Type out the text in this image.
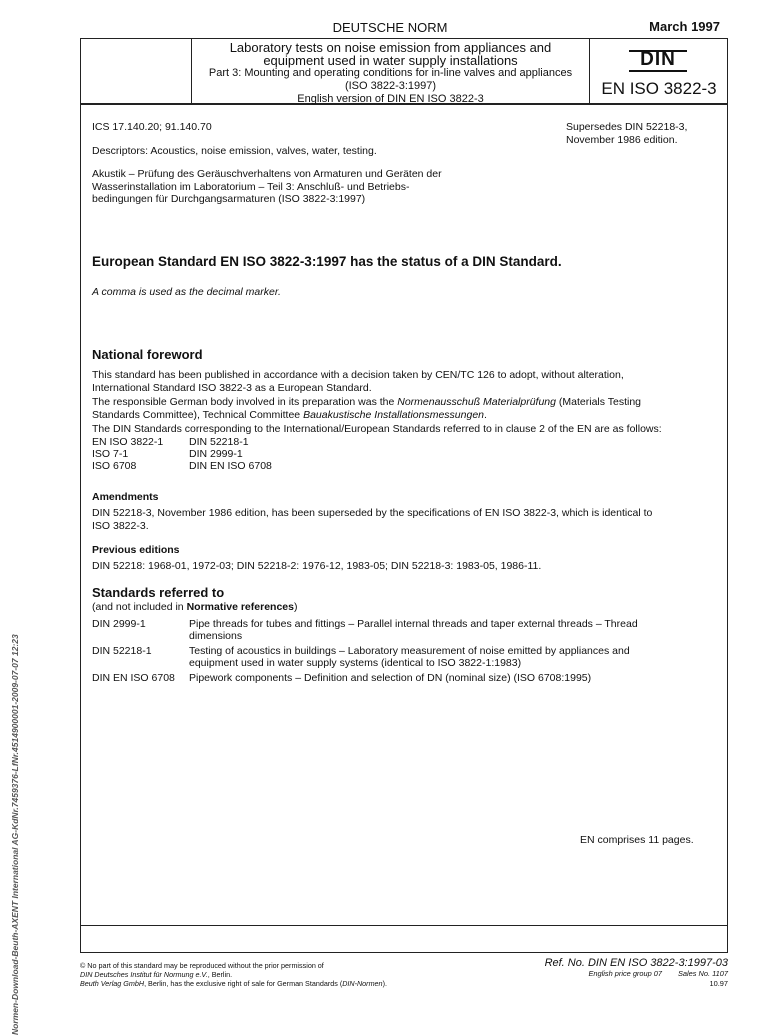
DEUTSCHE NORM	March 1997
Laboratory tests on noise emission from appliances and
equipment used in water supply installations
Part 3: Mounting and operating conditions for in-line valves and appliances
(ISO 3822-3:1997)
English version of DIN EN ISO 3822-3
DIN
EN ISO 3822-3
ICS 17.140.20; 91.140.70	Supersedes DIN 52218-3,
November 1986 edition.
Descriptors: Acoustics, noise emission, valves, water, testing.
Akustik – Prüfung des Geräuschverhaltens von Armaturen und Geräten der
Wasserinstallation im Laboratorium – Teil 3: Anschluß- und Betriebs-
bedingungen für Durchgangsarmaturen (ISO 3822-3:1997)
European Standard EN ISO 3822-3:1997 has the status of a DIN Standard.
A comma is used as the decimal marker.
National foreword
This standard has been published in accordance with a decision taken by CEN/TC 126 to adopt, without alteration,
International Standard ISO 3822-3 as a European Standard.
The responsible German body involved in its preparation was the Normenausschuß Materialprüfung (Materials Testing
Standards Committee), Technical Committee Bauakustische Installationsmessungen.
The DIN Standards corresponding to the International/European Standards referred to in clause 2 of the EN are as follows:
EN ISO 3822-1	DIN 52218-1
ISO 7-1	DIN 2999-1
ISO 6708	DIN EN ISO 6708
Amendments
DIN 52218-3, November 1986 edition, has been superseded by the specifications of EN ISO 3822-3, which is identical to
ISO 3822-3.
Previous editions
DIN 52218: 1968-01, 1972-03; DIN 52218-2: 1976-12, 1983-05; DIN 52218-3: 1983-05, 1986-11.
Standards referred to
(and not included in Normative references)
DIN 2999-1	Pipe threads for tubes and fittings – Parallel internal threads and taper external threads – Thread
dimensions

DIN 52218-1	Testing of acoustics in buildings – Laboratory measurement of noise emitted by appliances and
equipment used in water supply systems (identical to ISO 3822-1:1983)

DIN EN ISO 6708	Pipework components – Definition and selection of DN (nominal size) (ISO 6708:1995)
EN comprises 11 pages.
Normen-Download-Beuth-AXENT International AG-KdNr.7459376-LfNr.4514900001-2009-07-07 12:23	© No part of this standard may be reproduced without the prior permission of
DIN Deutsches Institut für Normung e.V., Berlin.
Beuth Verlag GmbH, Berlin, has the exclusive right of sale for German Standards (DIN-Normen).
Ref. No. DIN EN ISO 3822-3:1997-03
English price group 07 Sales No. 1107
10.97
